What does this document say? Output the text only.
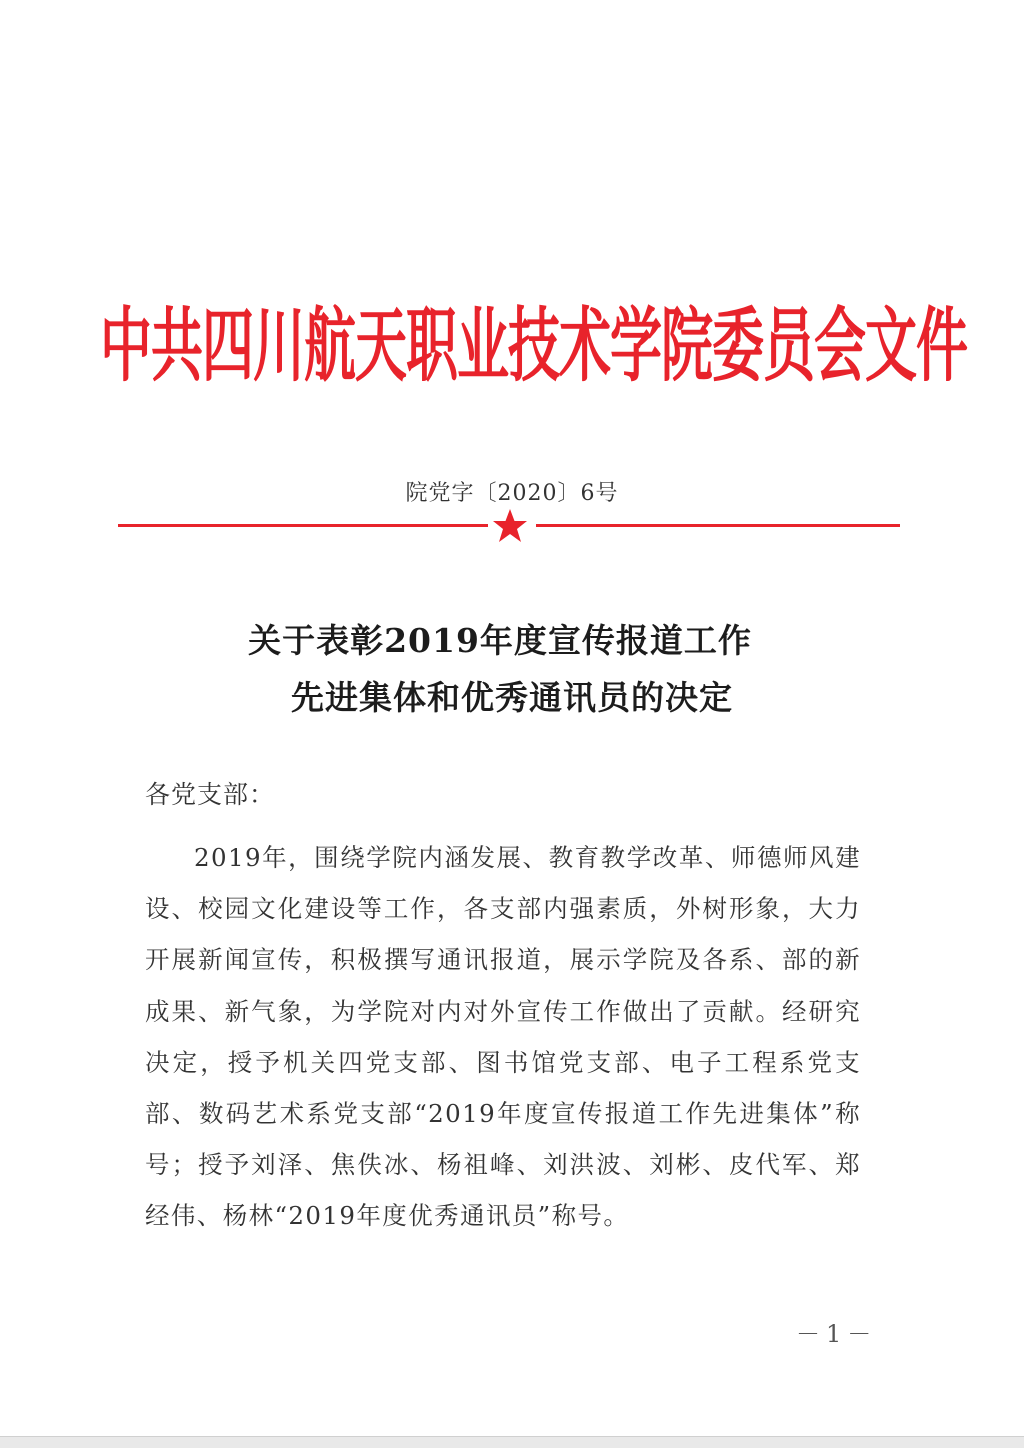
中共四川航天职业技术学院委员会文件
院党字〔2020〕6号
关于表彰2019年度宣传报道工作
先进集体和优秀通讯员的决定
各党支部：

2019年，围绕学院内涵发展、教育教学改革、师德师风建设、校园文化建设等工作，各支部内强素质，外树形象，大力开展新闻宣传，积极撰写通讯报道，展示学院及各系、部的新成果、新气象，为学院对内对外宣传工作做出了贡献。经研究决定，授予机关四党支部、图书馆党支部、电子工程系党支部、数码艺术系党支部“2019年度宣传报道工作先进集体”称号；授予刘泽、焦佚冰、杨祖峰、刘洪波、刘彬、皮代军、郑经伟、杨林“2019年度优秀通讯员”称号。

－1－
